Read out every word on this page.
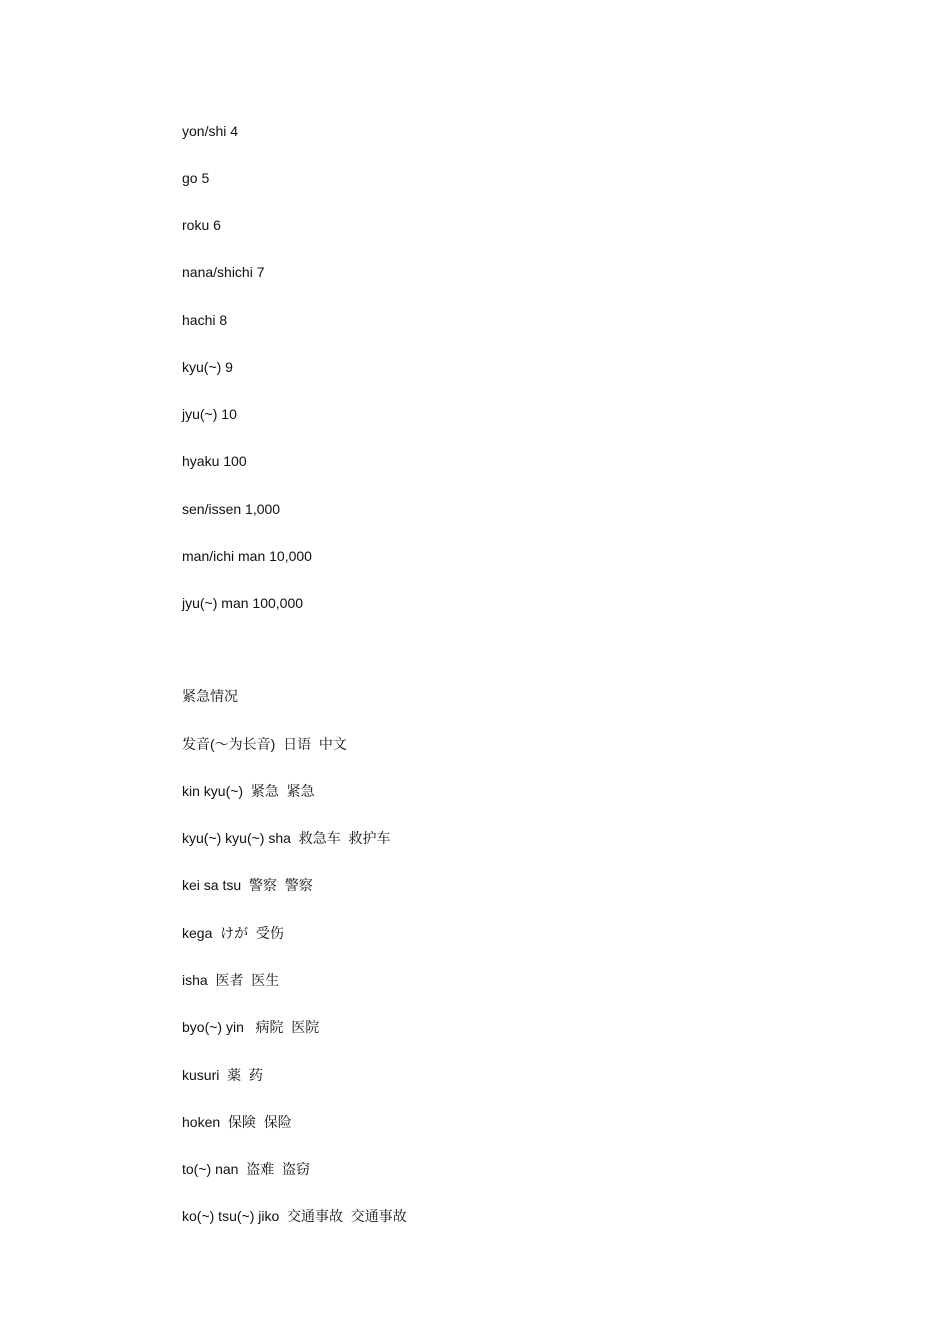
yon/shi 4
go 5
roku 6
nana/shichi 7
hachi 8
kyu(~) 9
jyu(~) 10
hyaku 100
sen/issen 1,000
man/ichi man 10,000
jyu(~) man 100,000
紧急情况
发音(～为长音)  日语  中文
kin kyu(~)  紧急  紧急
kyu(~) kyu(~) sha  救急车  救护车
kei sa tsu  警察  警察
kega  けが  受伤
isha  医者  医生
byo(~) yin   病院  医院
kusuri  薬  药
hoken  保険  保险
to(~) nan  盗难  盗窃
ko(~) tsu(~) jiko  交通事故  交通事故
